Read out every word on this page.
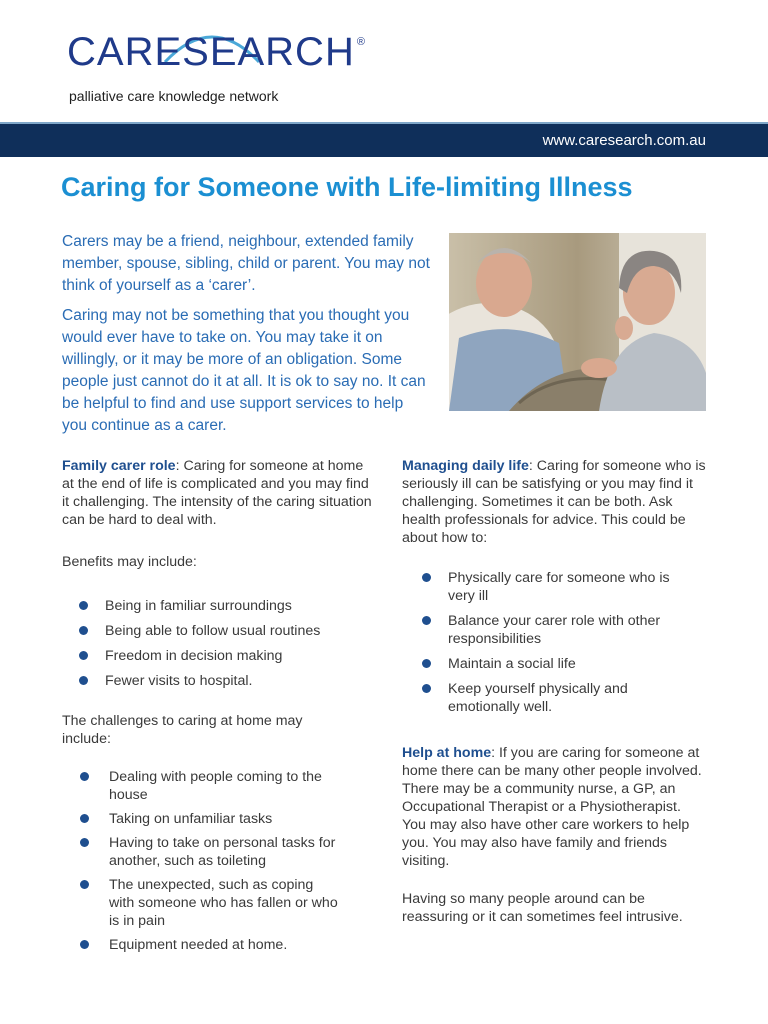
CARESEARCH ®
palliative care knowledge network
www.caresearch.com.au
Caring for Someone with Life-limiting Illness

Carers may be a friend, neighbour, extended family member, spouse, sibling, child or parent. You may not think of yourself as a ‘carer’.

Caring may not be something that you thought you would ever have to take on. You may take it on willingly, or it may be more of an obligation. Some people just cannot do it at all. It is ok to say no. It can be helpful to find and use support services to help you continue as a carer.

Family carer role: Caring for someone at home at the end of life is complicated and you may find it challenging. The intensity of the caring situation can be hard to deal with.

Benefits may include:

Being in familiar surroundings
Being able to follow usual routines
Freedom in decision making
Fewer visits to hospital.

The challenges to caring at home may include:

Dealing with people coming to the house
Taking on unfamiliar tasks
Having to take on personal tasks for another, such as toileting
The unexpected, such as coping with someone who has fallen or who is in pain
Equipment needed at home.

Managing daily life: Caring for someone who is seriously ill can be satisfying or you may find it challenging. Sometimes it can be both. Ask health professionals for advice. This could be about how to:

Physically care for someone who is very ill
Balance your carer role with other responsibilities
Maintain a social life
Keep yourself physically and emotionally well.

Help at home: If you are caring for someone at home there can be many other people involved. There may be a community nurse, a GP, an Occupational Therapist or a Physiotherapist. You may also have other care workers to help you. You may also have family and friends visiting.

Having so many people around can be reassuring or it can sometimes feel intrusive.
